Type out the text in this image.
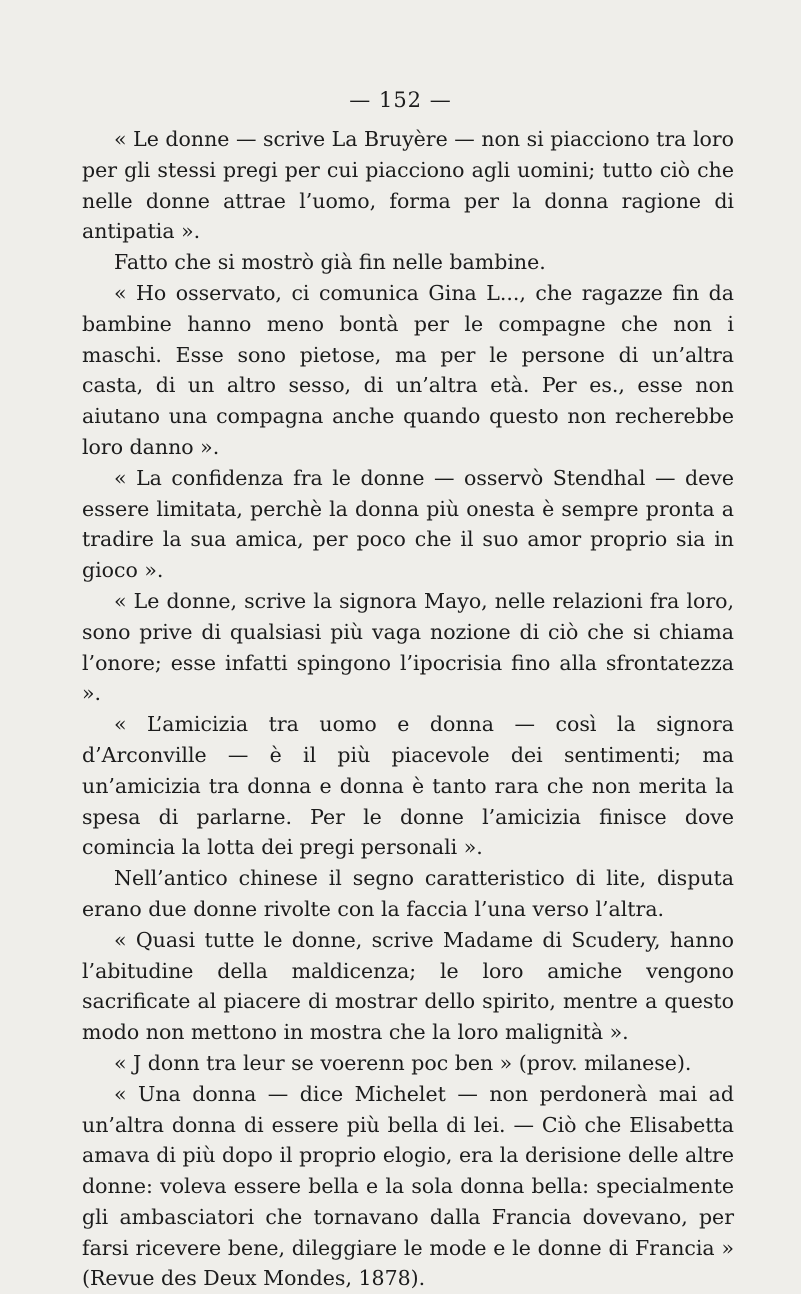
— 152 —

« Le donne — scrive La Bruyère — non si piacciono tra loro per gli stessi pregi per cui piacciono agli uomini; tutto ciò che nelle donne attrae l’uomo, forma per la donna ragione di antipatia ».

Fatto che si mostrò già fin nelle bambine.

« Ho osservato, ci comunica Gina L..., che ragazze fin da bambine hanno meno bontà per le compagne che non i maschi. Esse sono pietose, ma per le persone di un’altra casta, di un altro sesso, di un’altra età. Per es., esse non aiutano una compagna anche quando questo non recherebbe loro danno ».

« La confidenza fra le donne — osservò Stendhal — deve essere limitata, perchè la donna più onesta è sempre pronta a tradire la sua amica, per poco che il suo amor proprio sia in gioco ».

« Le donne, scrive la signora Mayo, nelle relazioni fra loro, sono prive di qualsiasi più vaga nozione di ciò che si chiama l’onore; esse infatti spingono l’ipocrisia fino alla sfrontatezza ».

« L’amicizia tra uomo e donna — così la signora d’Arconville — è il più piacevole dei sentimenti; ma un’amicizia tra donna e donna è tanto rara che non merita la spesa di parlarne. Per le donne l’amicizia finisce dove comincia la lotta dei pregi personali ».

Nell’antico chinese il segno caratteristico di lite, disputa erano due donne rivolte con la faccia l’una verso l’altra.

« Quasi tutte le donne, scrive Madame di Scudery, hanno l’abitudine della maldicenza; le loro amiche vengono sacrificate al piacere di mostrar dello spirito, mentre a questo modo non mettono in mostra che la loro malignità ».

« J donn tra leur se voerenn poc ben » (prov. milanese).

« Una donna — dice Michelet — non perdonerà mai ad un’altra donna di essere più bella di lei. — Ciò che Elisabetta amava di più dopo il proprio elogio, era la derisione delle altre donne: voleva essere bella e la sola donna bella: specialmente gli ambasciatori che tornavano dalla Francia dovevano, per farsi ricevere bene, dileggiare le mode e le donne di Francia » (Revue des Deux Mondes, 1878).
